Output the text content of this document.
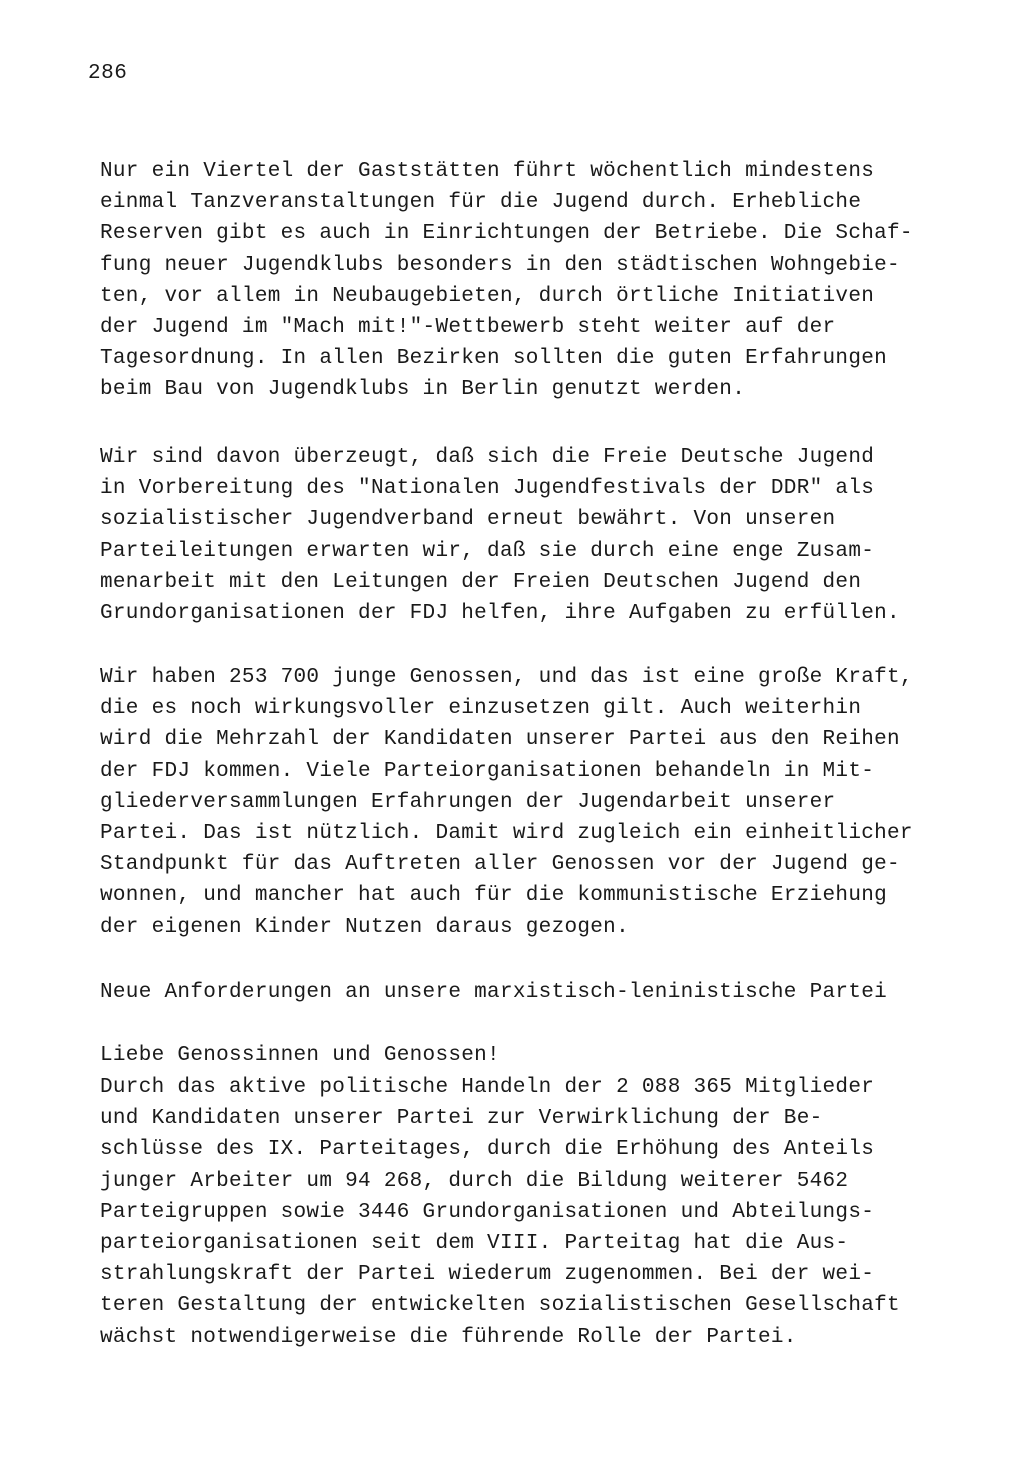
286

Nur ein Viertel der Gaststätten führt wöchentlich mindestens
einmal Tanzveranstaltungen für die Jugend durch. Erhebliche
Reserven gibt es auch in Einrichtungen der Betriebe. Die Schaf-
fung neuer Jugendklubs besonders in den städtischen Wohngebie-
ten, vor allem in Neubaugebieten, durch örtliche Initiativen
der Jugend im "Mach mit!"-Wettbewerb steht weiter auf der
Tagesordnung. In allen Bezirken sollten die guten Erfahrungen
beim Bau von Jugendklubs in Berlin genutzt werden.
Wir sind davon überzeugt, daß sich die Freie Deutsche Jugend
in Vorbereitung des "Nationalen Jugendfestivals der DDR" als
sozialistischer Jugendverband erneut bewährt. Von unseren
Parteileitungen erwarten wir, daß sie durch eine enge Zusam-
menarbeit mit den Leitungen der Freien Deutschen Jugend den
Grundorganisationen der FDJ helfen, ihre Aufgaben zu erfüllen.
Wir haben 253 700 junge Genossen, und das ist eine große Kraft,
die es noch wirkungsvoller einzusetzen gilt. Auch weiterhin
wird die Mehrzahl der Kandidaten unserer Partei aus den Reihen
der FDJ kommen. Viele Parteiorganisationen behandeln in Mit-
gliederversammlungen Erfahrungen der Jugendarbeit unserer
Partei. Das ist nützlich. Damit wird zugleich ein einheitlicher
Standpunkt für das Auftreten aller Genossen vor der Jugend ge-
wonnen, und mancher hat auch für die kommunistische Erziehung
der eigenen Kinder Nutzen daraus gezogen.
Neue Anforderungen an unsere marxistisch-leninistische Partei
Liebe Genossinnen und Genossen!
Durch das aktive politische Handeln der 2 088 365 Mitglieder
und Kandidaten unserer Partei zur Verwirklichung der Be-
schlüsse des IX. Parteitages, durch die Erhöhung des Anteils
junger Arbeiter um 94 268, durch die Bildung weiterer 5462
Parteigruppen sowie 3446 Grundorganisationen und Abteilungs-
parteiorganisationen seit dem VIII. Parteitag hat die Aus-
strahlungskraft der Partei wiederum zugenommen. Bei der wei-
teren Gestaltung der entwickelten sozialistischen Gesellschaft
wächst notwendigerweise die führende Rolle der Partei.
